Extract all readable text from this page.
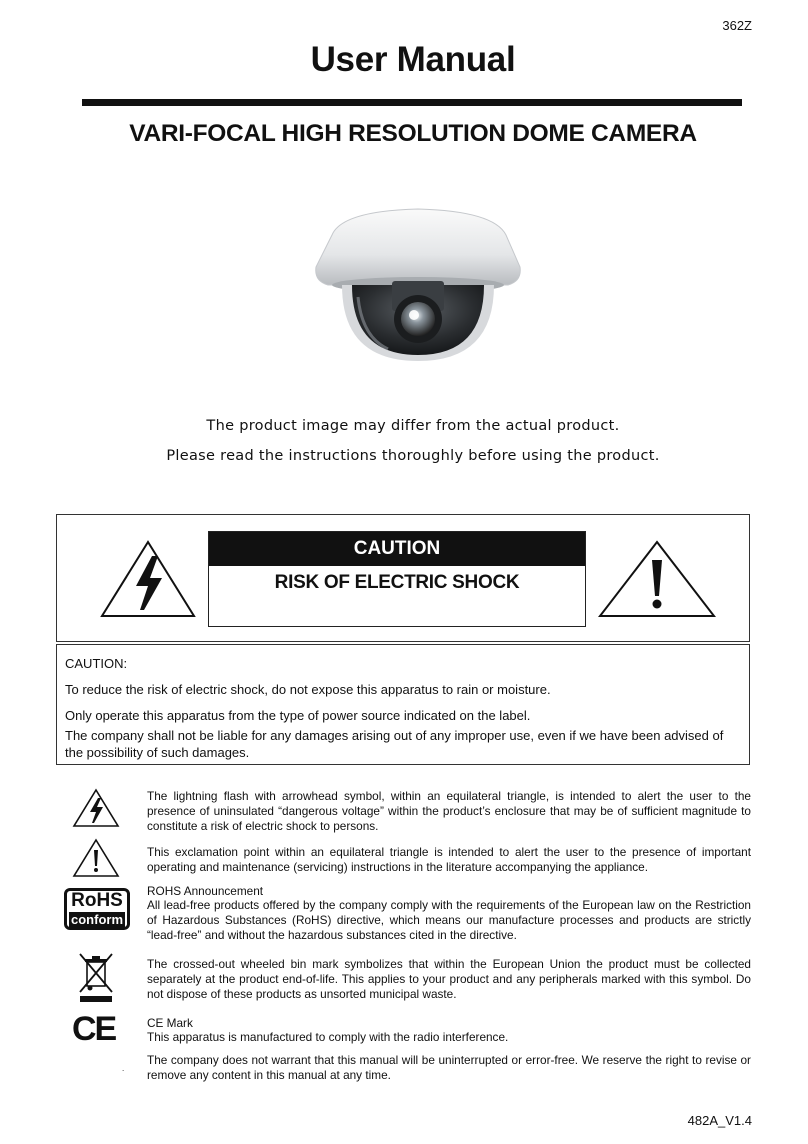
362Z
User Manual
VARI-FOCAL HIGH RESOLUTION DOME CAMERA
The product image may differ from the actual product.
Please read the instructions thoroughly before using the product.
CAUTION
RISK OF ELECTRIC SHOCK
CAUTION:
To reduce the risk of electric shock, do not expose this apparatus to rain or moisture.
Only operate this apparatus from the type of power source indicated on the label.
The company shall not be liable for any damages arising out of any improper use, even if we have been advised of the possibility of such damages.
RoHS
conform
CE
The lightning flash with arrowhead symbol, within an equilateral triangle, is intended to alert the user to the presence of uninsulated “dangerous voltage” within the product’s enclosure that may be of sufficient magnitude to constitute a risk of electric shock to persons.
This exclamation point within an equilateral triangle is intended to alert the user to the presence of important operating and maintenance (servicing) instructions in the literature accompanying the appliance.
ROHS Announcement
All lead-free products offered by the company comply with the requirements of the European law on the Restriction of Hazardous Substances (RoHS) directive, which means our manufacture processes and products are strictly “lead-free” and without the hazardous substances cited in the directive.
The crossed-out wheeled bin mark symbolizes that within the European Union the product must be collected separately at the product end-of-life. This applies to your product and any peripherals marked with this symbol. Do not dispose of these products as unsorted municipal waste.
CE Mark
This apparatus is manufactured to comply with the radio interference.
The company does not warrant that this manual will be uninterrupted or error-free. We reserve the right to revise or remove any content in this manual at any time.
.
482A_V1.4
